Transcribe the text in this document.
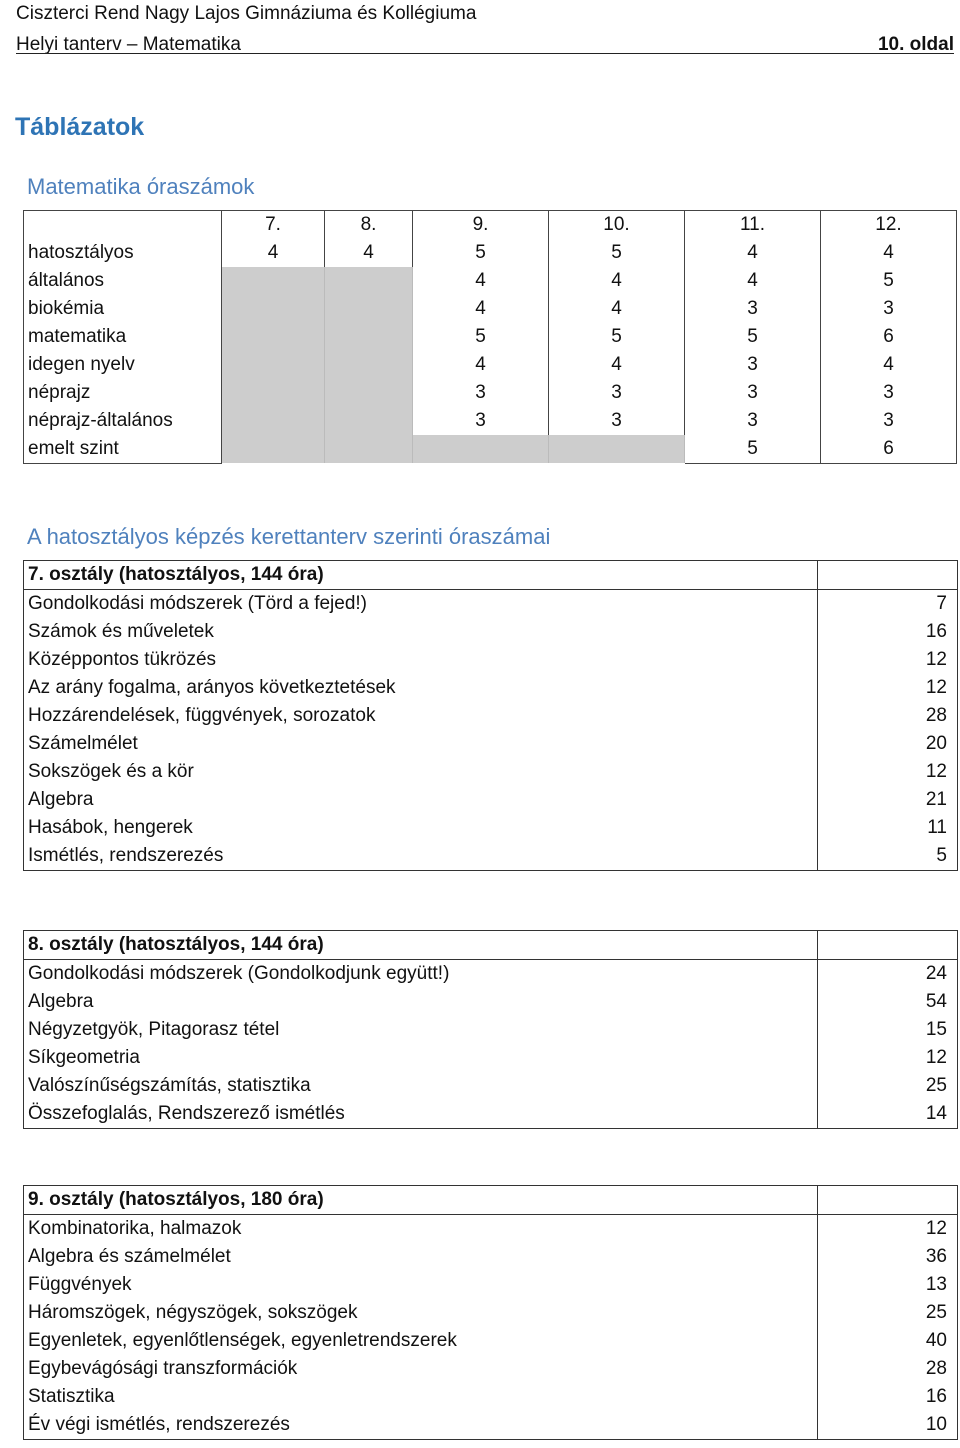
Ciszterci Rend Nagy Lajos Gimnáziuma és Kollégiuma
Helyi tanterv – Matematika	10. oldal
Táblázatok
Matematika óraszámok
	7.	8.	9.	10.	11.	12.
hatosztályos	4	4	5	5	4	4
általános			4	4	4	5
biokémia			4	4	3	3
matematika			5	5	5	6
idegen nyelv			4	4	3	4
néprajz			3	3	3	3
néprajz-általános			3	3	3	3
emelt szint					5	6
A hatosztályos képzés kerettanterv szerinti óraszámai
7. osztály (hatosztályos, 144 óra)	
Gondolkodási módszerek (Törd a fejed!)	7
Számok és műveletek	16
Középpontos tükrözés	12
Az arány fogalma, arányos következtetések	12
Hozzárendelések, függvények, sorozatok	28
Számelmélet	20
Sokszögek és a kör	12
Algebra	21
Hasábok, hengerek	11
Ismétlés, rendszerezés	5
8. osztály (hatosztályos, 144 óra)	
Gondolkodási módszerek (Gondolkodjunk együtt!)	24
Algebra	54
Négyzetgyök, Pitagorasz tétel	15
Síkgeometria	12
Valószínűségszámítás, statisztika	25
Összefoglalás, Rendszerező ismétlés	14
9. osztály (hatosztályos, 180 óra)	
Kombinatorika, halmazok	12
Algebra és számelmélet	36
Függvények	13
Háromszögek, négyszögek, sokszögek	25
Egyenletek, egyenlőtlenségek, egyenletrendszerek	40
Egybevágósági transzformációk	28
Statisztika	16
Év végi ismétlés, rendszerezés	10
